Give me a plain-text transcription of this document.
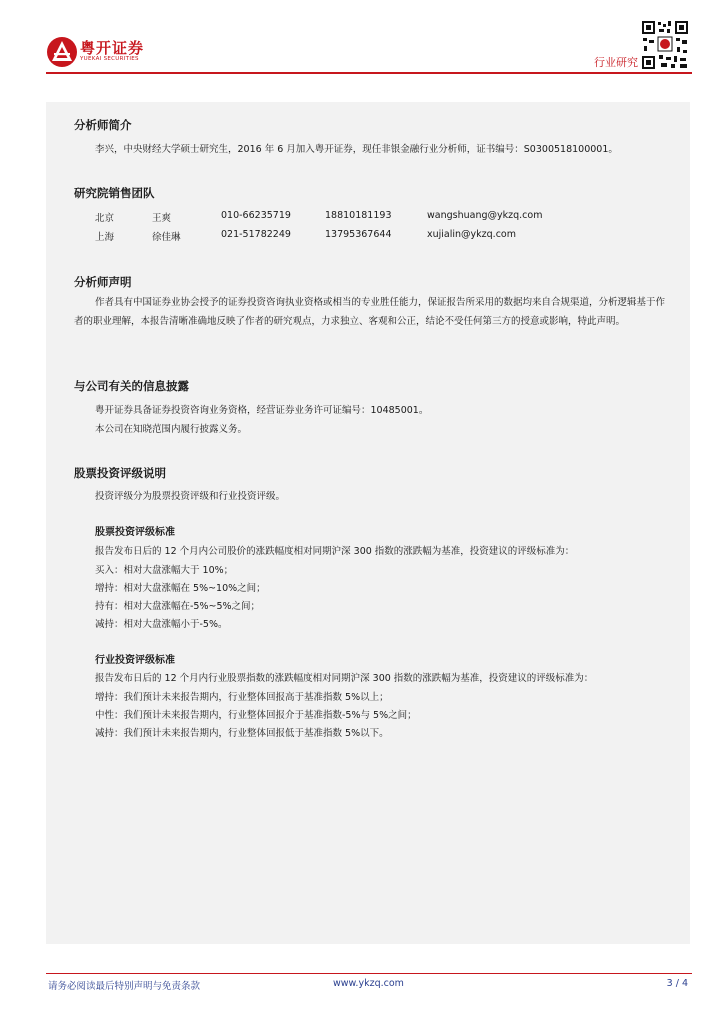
粤开证券
YUEKAI SECURITIES	行业研究
分析师简介
李兴，中央财经大学硕士研究生，2016 年 6 月加入粤开证券，现任非银金融行业分析师，证书编号：S0300518100001。
研究院销售团队
北京	王爽	010-66235719	18810181193	wangshuang@ykzq.com
上海	徐佳琳	021-51782249	13795367644	xujialin@ykzq.com
分析师声明
作者具有中国证券业协会授予的证券投资咨询执业资格或相当的专业胜任能力，保证报告所采用的数据均来自合规渠道，分析逻辑基于作者的职业理解，本报告清晰准确地反映了作者的研究观点，力求独立、客观和公正，结论不受任何第三方的授意或影响，特此声明。
与公司有关的信息披露
粤开证券具备证券投资咨询业务资格，经营证券业务许可证编号：10485001。
本公司在知晓范围内履行披露义务。
股票投资评级说明
投资评级分为股票投资评级和行业投资评级。
股票投资评级标准
报告发布日后的 12 个月内公司股价的涨跌幅度相对同期沪深 300 指数的涨跌幅为基准，投资建议的评级标准为：
买入：相对大盘涨幅大于 10%；
增持：相对大盘涨幅在 5%~10%之间；
持有：相对大盘涨幅在-5%~5%之间；
减持：相对大盘涨幅小于-5%。
行业投资评级标准
报告发布日后的 12 个月内行业股票指数的涨跌幅度相对同期沪深 300 指数的涨跌幅为基准，投资建议的评级标准为：
增持：我们预计未来报告期内，行业整体回报高于基准指数 5%以上；
中性：我们预计未来报告期内，行业整体回报介于基准指数-5%与 5%之间；
减持：我们预计未来报告期内，行业整体回报低于基准指数 5%以下。
请务必阅读最后特别声明与免责条款	www.ykzq.com	3 / 4
